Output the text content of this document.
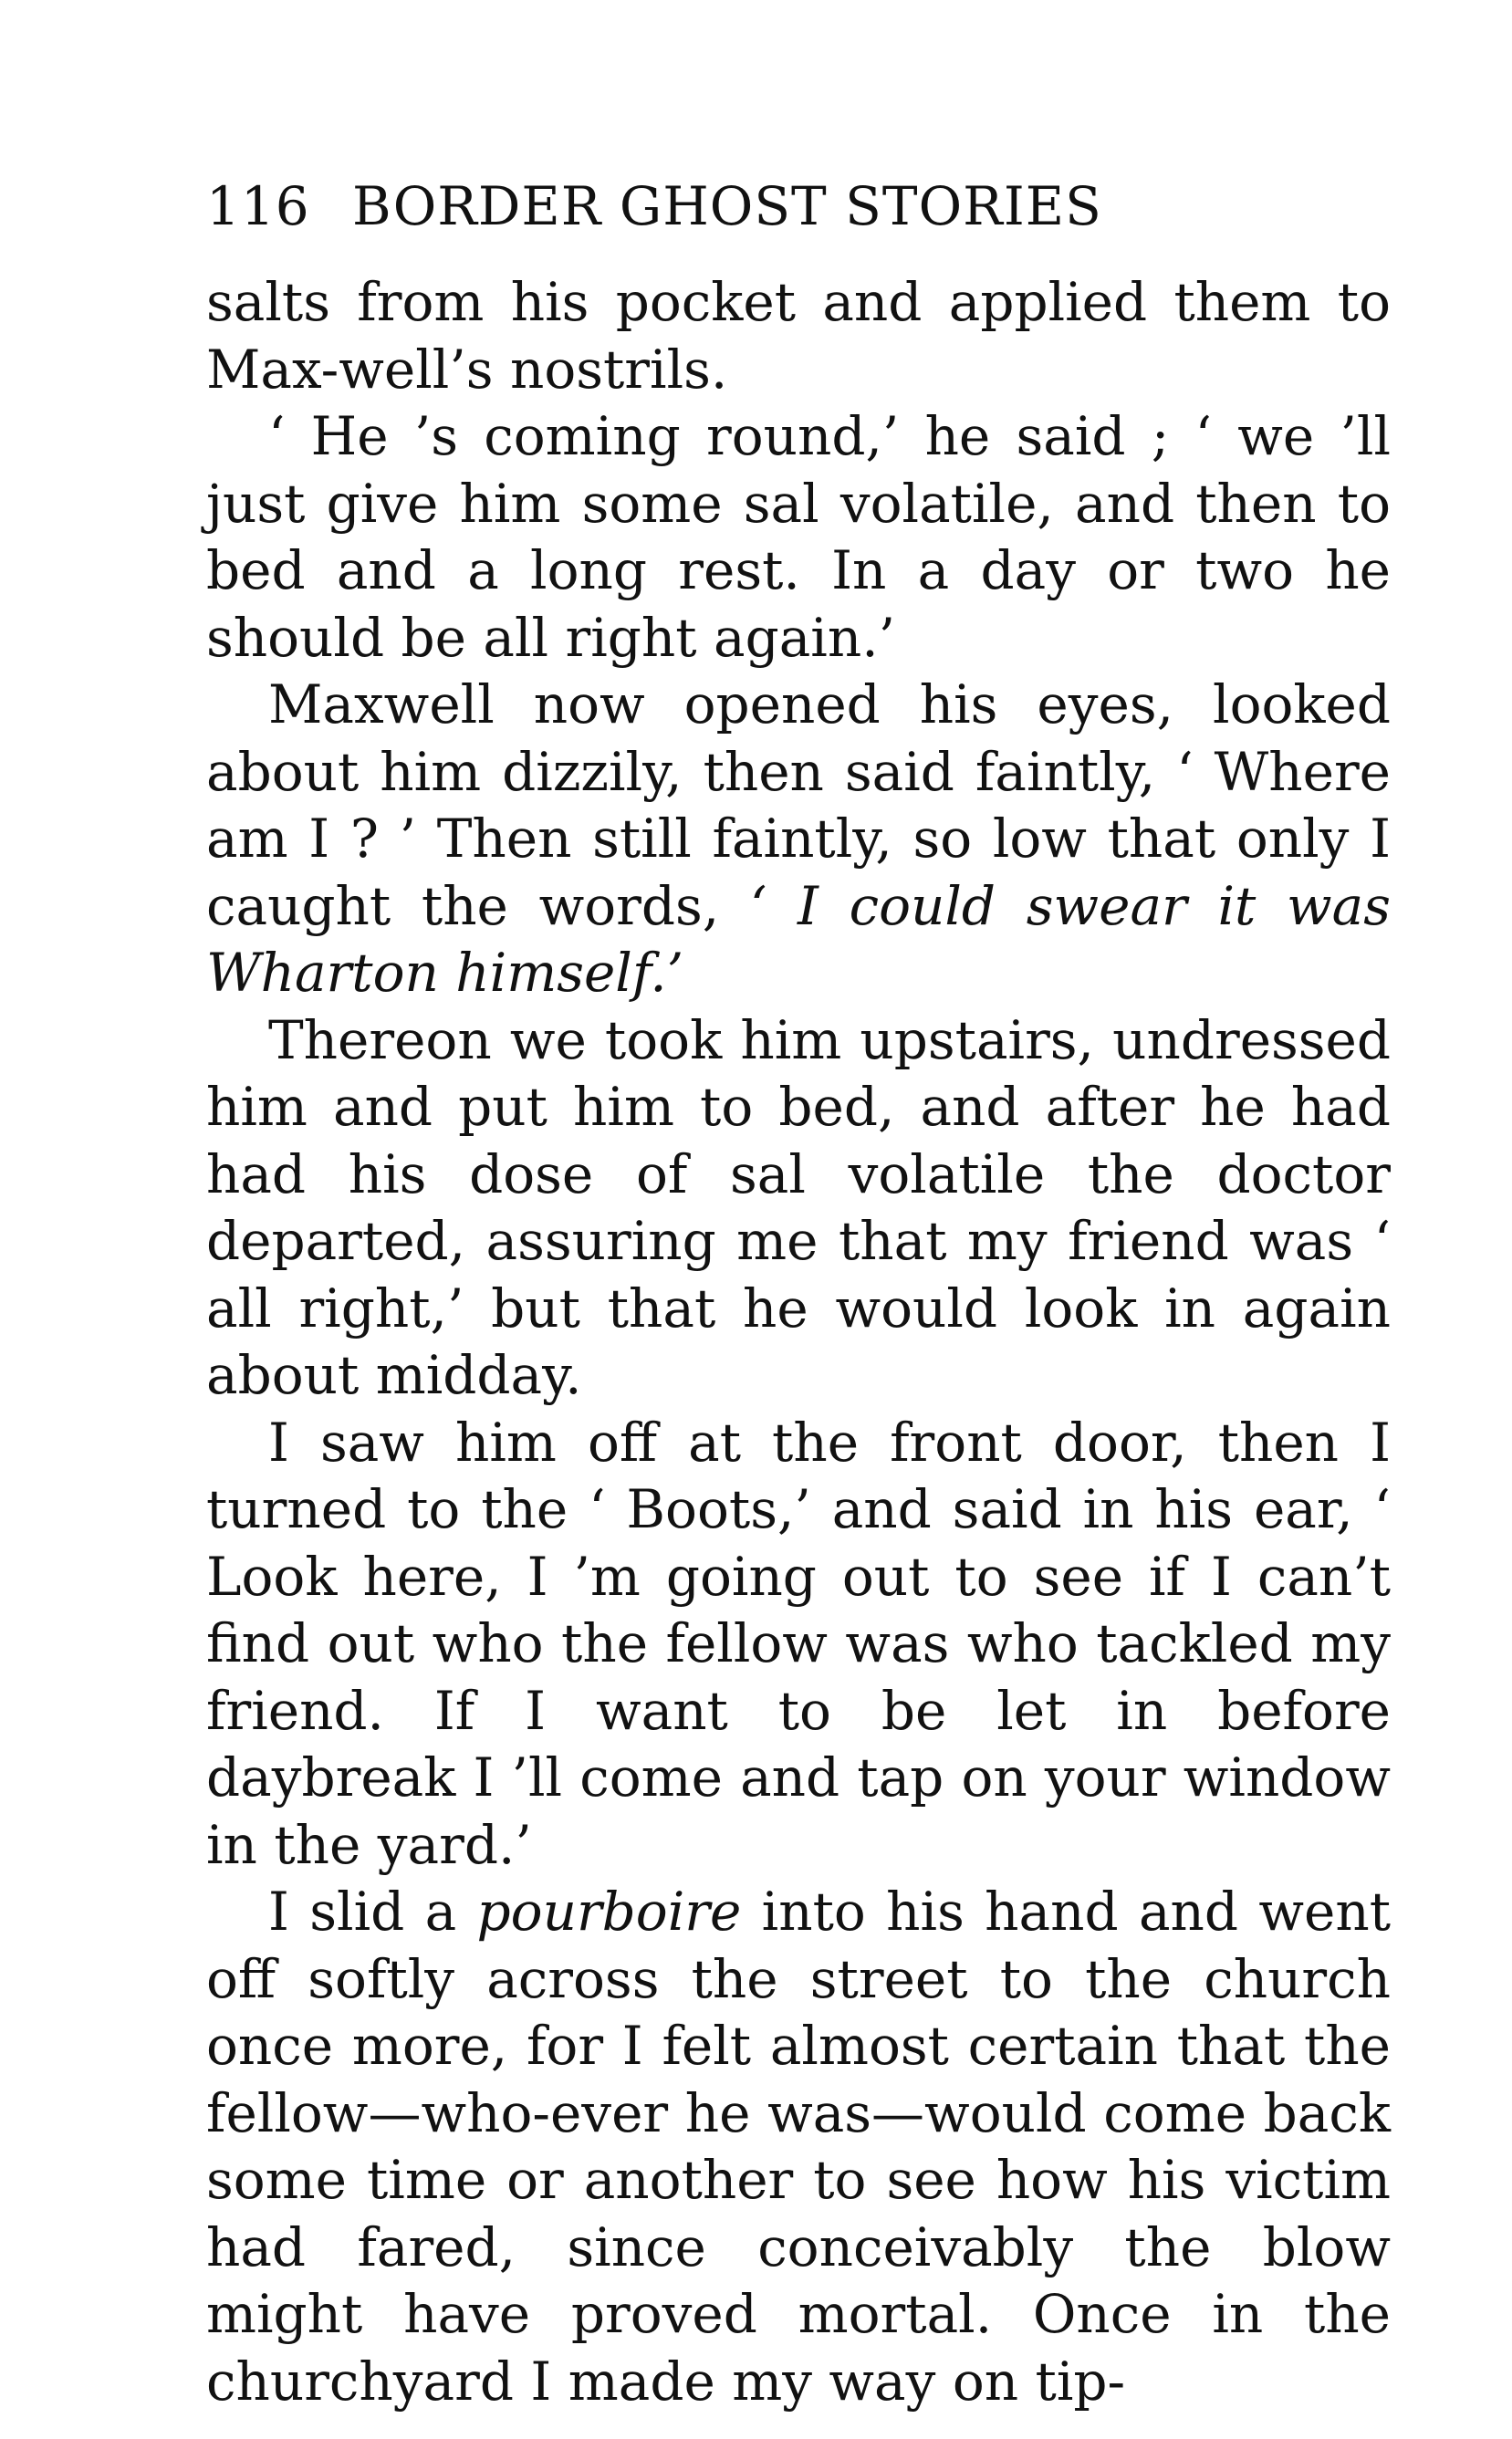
116 BORDER GHOST STORIES

salts from his pocket and applied them to Max-well’s nostrils.

‘ He ’s coming round,’ he said ; ‘ we ’ll just give him some sal volatile, and then to bed and a long rest. In a day or two he should be all right again.’

Maxwell now opened his eyes, looked about him dizzily, then said faintly, ‘ Where am I ? ’ Then still faintly, so low that only I caught the words, ‘ I could swear it was Wharton himself.’

Thereon we took him upstairs, undressed him and put him to bed, and after he had had his dose of sal volatile the doctor departed, assuring me that my friend was ‘ all right,’ but that he would look in again about midday.

I saw him off at the front door, then I turned to the ‘ Boots,’ and said in his ear, ‘ Look here, I ’m going out to see if I can’t find out who the fellow was who tackled my friend. If I want to be let in before daybreak I ’ll come and tap on your window in the yard.’

I slid a pourboire into his hand and went off softly across the street to the church once more, for I felt almost certain that the fellow—who-ever he was—would come back some time or another to see how his victim had fared, since conceivably the blow might have proved mortal. Once in the churchyard I made my way on tip-
